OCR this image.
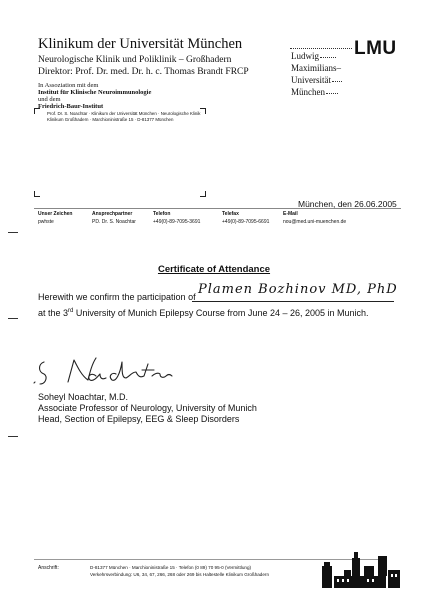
Klinikum der Universität München
Neurologische Klinik und Poliklinik – Großhadern
Direktor: Prof. Dr. med. Dr. h. c. Thomas Brandt FRCP
In Assoziation mit dem
Institut für Klinische Neuroimmunologie
und dem
Friedrich-Baur-Institut
Prof. Dr. S. Noachtar · Klinikum der Universität München · Neurologische Klinik
Klinikum Großhadern · Marchioninistraße 15 · D-81377 München
LMU
Ludwig
Maximilians–
Universität
München
München, den 26.06.2005
Unser Zeichen	Ansprechpartner	Telefon	Telefax	E-Mail
pwhste	PD. Dr. S. Noachtar	+49(0)-89-7095-3691	+49(0)-89-7095-6691	nou@med.uni-muenchen.de
Certificate of Attendance
Herewith we confirm the participation of Plamen Bozhinov MD, PhD
at the 3rd University of Munich Epilepsy Course from June 24 – 26, 2005 in Munich.
Soheyl Noachtar, M.D.
Associate Professor of Neurology, University of Munich
Head, Section of Epilepsy, EEG & Sleep Disorders
Anschrift:	D-81377 München · Marchioninistraße 15 · Telefon (0 89) 70 95-0 (Vermittlung)
Verkehrsverbindung: U6, 34, 67, 266, 268 oder 269 bis Haltestelle Klinikum Großhadern
